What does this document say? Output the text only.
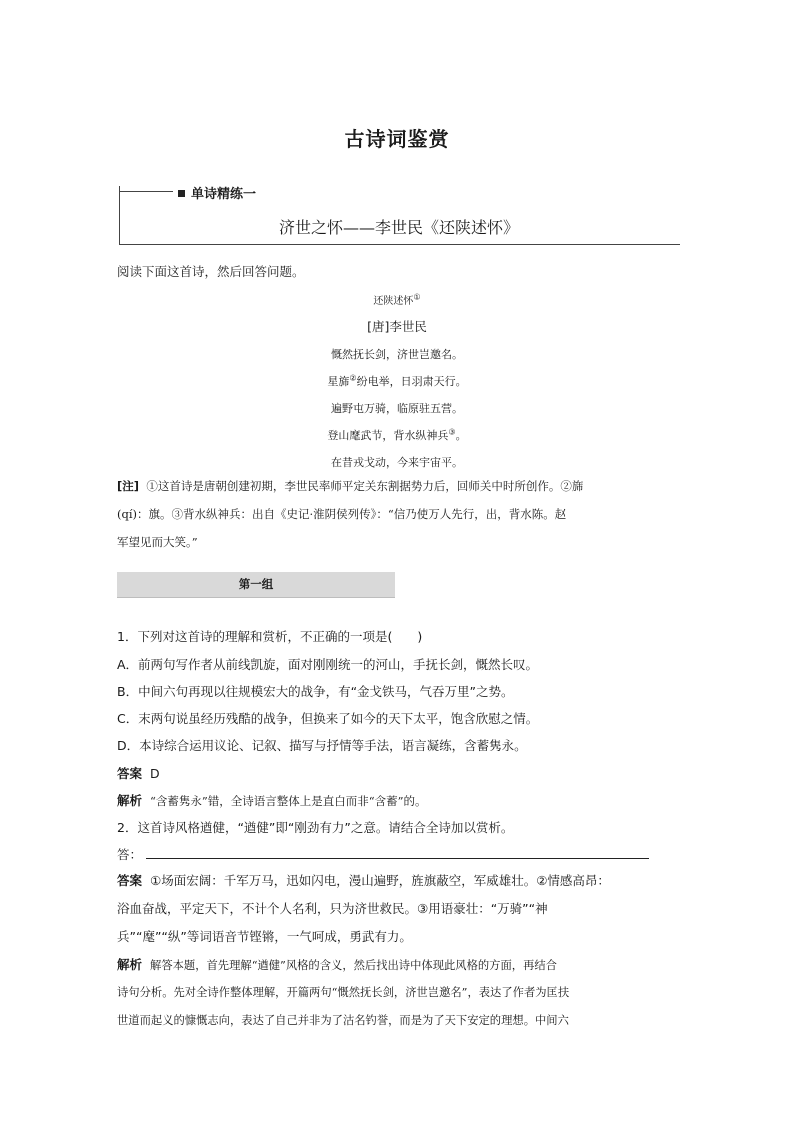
古诗词鉴赏
单诗精练一
济世之怀——李世民《还陕述怀》
阅读下面这首诗，然后回答问题。
还陕述怀①
[唐]李世民
慨然抚长剑，济世岂邀名。
星旆②纷电举，日羽肃天行。
遍野屯万骑，临原驻五营。
登山麾武节，背水纵神兵③。
在昔戎戈动，今来宇宙平。
[注] ①这首诗是唐朝创建初期，李世民率师平定关东割据势力后，回师关中时所创作。②旆
(qí)：旗。③背水纵神兵：出自《史记·淮阴侯列传》：“信乃使万人先行，出，背水陈。赵
军望见而大笑。”
第一组
1．下列对这首诗的理解和赏析，不正确的一项是(　　)
A．前两句写作者从前线凯旋，面对刚刚统一的河山，手抚长剑，慨然长叹。
B．中间六句再现以往规模宏大的战争，有“金戈铁马，气吞万里”之势。
C．末两句说虽经历残酷的战争，但换来了如今的天下太平，饱含欣慰之情。
D．本诗综合运用议论、记叙、描写与抒情等手法，语言凝练，含蓄隽永。
答案 D
解析 “含蓄隽永”错，全诗语言整体上是直白而非“含蓄”的。
2．这首诗风格遒健，“遒健”即“刚劲有力”之意。请结合全诗加以赏析。
答：
答案 ①场面宏阔：千军万马，迅如闪电，漫山遍野，旌旗蔽空，军威雄壮。②情感高昂：
浴血奋战，平定天下，不计个人名利，只为济世救民。③用语豪壮：“万骑”“神
兵”“麾”“纵”等词语音节铿锵，一气呵成，勇武有力。
解析 解答本题，首先理解“遒健”风格的含义，然后找出诗中体现此风格的方面，再结合
诗句分析。先对全诗作整体理解，开篇两句“慨然抚长剑，济世岂邀名”，表达了作者为匡扶
世道而起义的慷慨志向，表达了自己并非为了沽名钓誉，而是为了天下安定的理想。中间六
